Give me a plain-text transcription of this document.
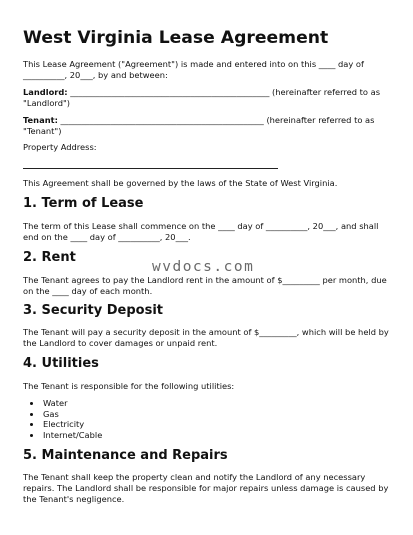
West Virginia Lease Agreement
This Lease Agreement ("Agreement") is made and entered into on this ____ day of __________, 20___, by and between:
Landlord: ________________________________________________ (hereinafter referred to as "Landlord")
Tenant: _________________________________________________ (hereinafter referred to as "Tenant")
Property Address:
This Agreement shall be governed by the laws of the State of West Virginia.
1. Term of Lease
The term of this Lease shall commence on the ____ day of __________, 20___, and shall end on the ____ day of __________, 20___.
2. Rent
The Tenant agrees to pay the Landlord rent in the amount of $_________ per month, due on the ____ day of each month.
3. Security Deposit
The Tenant will pay a security deposit in the amount of $_________, which will be held by the Landlord to cover damages or unpaid rent.
4. Utilities
The Tenant is responsible for the following utilities:
• Water
• Gas
• Electricity
• Internet/Cable
5. Maintenance and Repairs
The Tenant shall keep the property clean and notify the Landlord of any necessary repairs. The Landlord shall be responsible for major repairs unless damage is caused by the Tenant's negligence.
wvdocs.com
